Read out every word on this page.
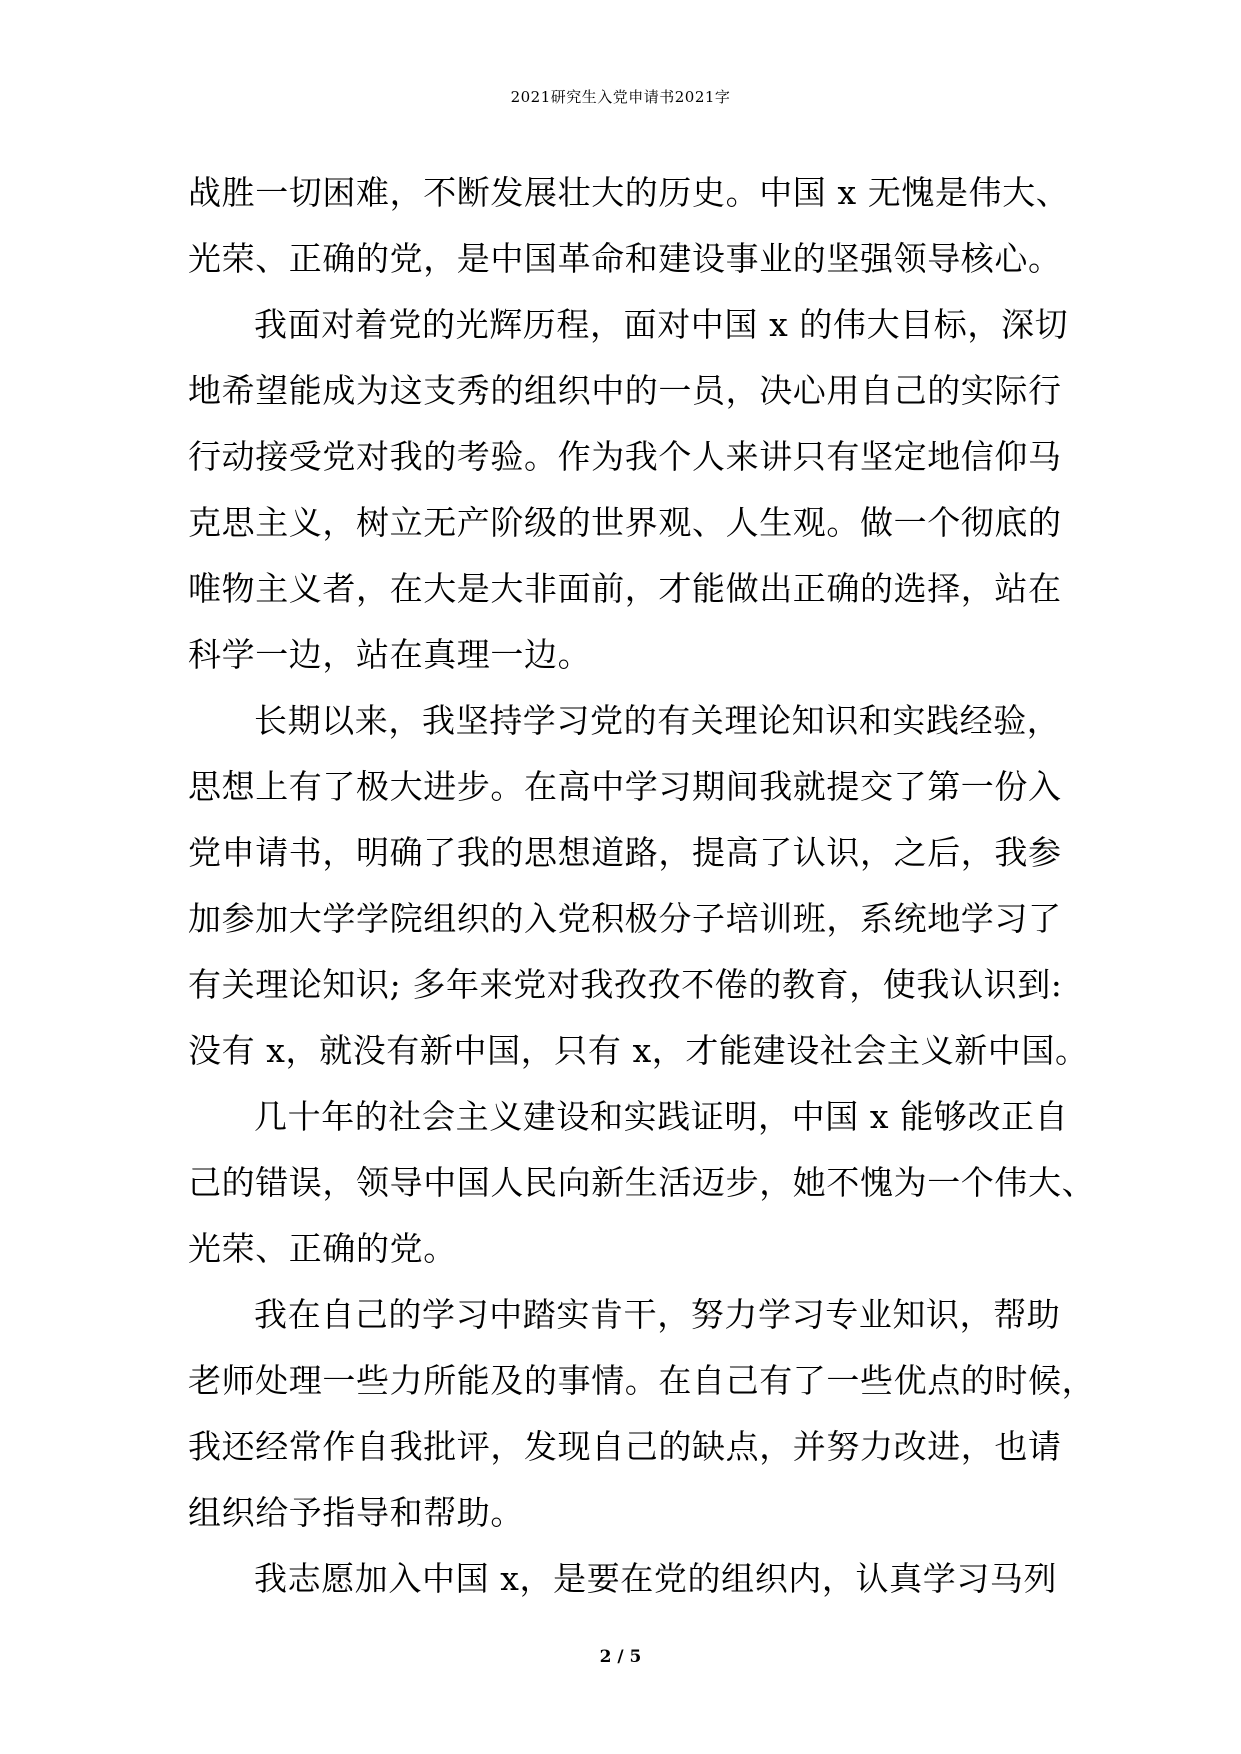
2021研究生入党申请书2021字
战胜一切困难，不断发展壮大的历史。中国 x 无愧是伟大、
光荣、正确的党，是中国革命和建设事业的坚强领导核心。
我面对着党的光辉历程，面对中国 x 的伟大目标，深切
地希望能成为这支秀的组织中的一员，决心用自己的实际行
行动接受党对我的考验。作为我个人来讲只有坚定地信仰马
克思主义，树立无产阶级的世界观、人生观。做一个彻底的
唯物主义者，在大是大非面前，才能做出正确的选择，站在
科学一边，站在真理一边。
长期以来，我坚持学习党的有关理论知识和实践经验，
思想上有了极大进步。在高中学习期间我就提交了第一份入
党申请书，明确了我的思想道路，提高了认识，之后，我参
加参加大学学院组织的入党积极分子培训班，系统地学习了
有关理论知识; 多年来党对我孜孜不倦的教育，使我认识到:
没有 x，就没有新中国，只有 x，才能建设社会主义新中国。
几十年的社会主义建设和实践证明，中国 x 能够改正自
己的错误，领导中国人民向新生活迈步，她不愧为一个伟大、
光荣、正确的党。
我在自己的学习中踏实肯干，努力学习专业知识，帮助
老师处理一些力所能及的事情。在自己有了一些优点的时候，
我还经常作自我批评，发现自己的缺点，并努力改进，也请
组织给予指导和帮助。
我志愿加入中国 x，是要在党的组织内，认真学习马列
2 / 5
